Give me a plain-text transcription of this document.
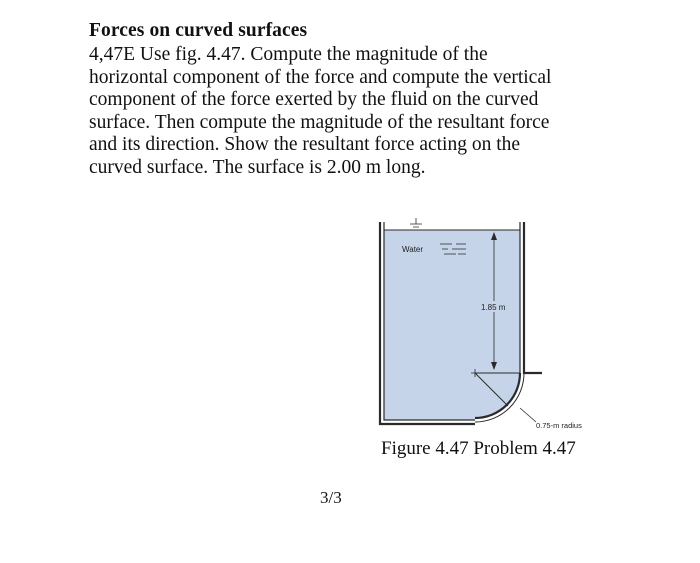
Forces on curved surfaces
4,47E Use fig. 4.47. Compute the magnitude of the
horizontal component of the force and compute the vertical
component of the force exerted by the fluid on the curved
surface. Then compute the magnitude of the resultant force
and its direction. Show the resultant force acting on the
curved surface. The surface is 2.00 m long.
Water
1.85 m
0.75-m radius
Figure 4.47 Problem 4.47
3/3
